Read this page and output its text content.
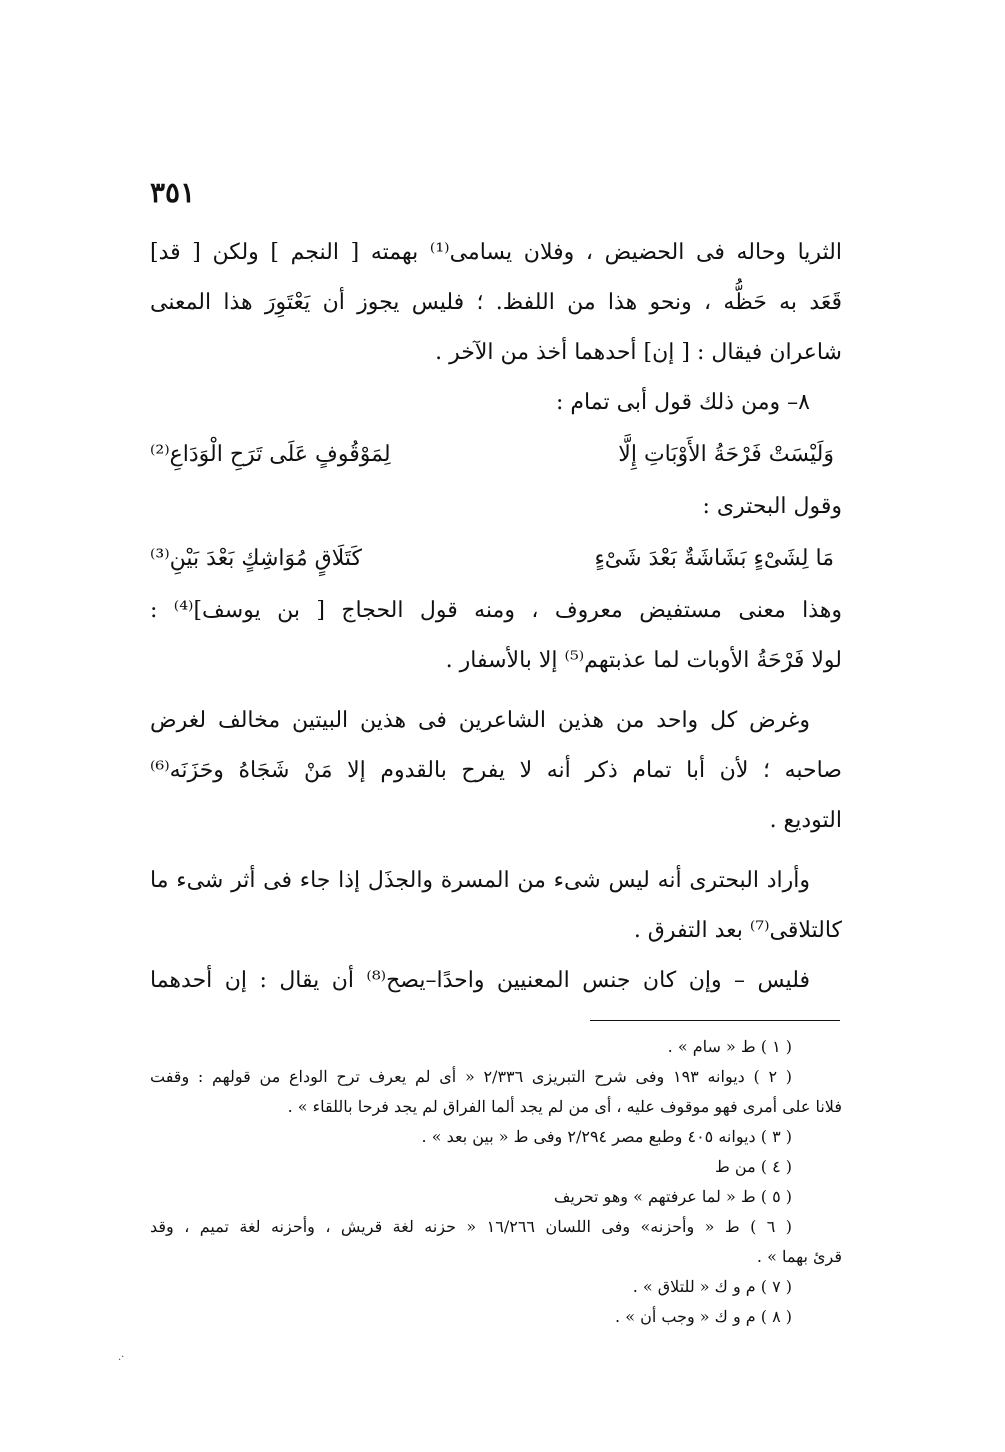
٣٥١
الثريا وحاله فى الحضيض ، وفلان يسامى⁽¹⁾ بهمته [ النجم ] ولكن [ قد]
قَعَد به حَظُّه ، ونحو هذا من اللفظ. ؛ فليس يجوز أن يَعْتَوِرَ هذا المعنى
شاعران فيقال : [ إن] أحدهما أخذ من الآخر .
٨– ومن ذلك قول أبى تمام :
وَلَيْسَتْ فَرْحَةُ الأَوْبَاتِ إِلَّا
لِمَوْقُوفٍ عَلَى تَرَحِ الْوَدَاعِ⁽²⁾
وقول البحترى :
مَا لِشَىْءٍ بَشَاشَةٌ بَعْدَ شَىْءٍ
كَتَلَاقٍ مُوَاشِكٍ بَعْدَ بَيْنِ⁽³⁾
وهذا معنى مستفيض معروف ، ومنه قول الحجاج [ بن يوسف]⁽⁴⁾ :
لولا فَرْحَةُ الأوبات لما عذبتهم⁽⁵⁾ إلا بالأسفار .
وغرض كل واحد من هذين الشاعرين فى هذين البيتين مخالف لغرض
صاحبه ؛ لأن أبا تمام ذكر أنه لا يفرح بالقدوم إلا مَنْ شَجَاهُ وحَزَنَه⁽⁶⁾
التوديع .
وأراد البحترى أنه ليس شىء من المسرة والجذَل إذا جاء فى أثر شىء ما
كالتلاقى⁽⁷⁾ بعد التفرق .
فليس – وإن كان جنس المعنيين واحدًا–يصح⁽⁸⁾ أن يقال : إن أحدهما
( ١ ) ط « سام » .
( ٢ ) ديوانه ١٩٣ وفى شرح التبريزى ٢/٣٣٦ « أى لم يعرف ترح الوداع من قولهم : وقفت
فلانا على أمرى فهو موقوف عليه ، أى من لم يجد ألما الفراق لم يجد فرحا باللقاء » .
( ٣ ) ديوانه ٤٠٥ وطبع مصر ٢/٢٩٤ وفى ط « بين بعد » .
( ٤ ) من ط
( ٥ ) ط « لما عرفتهم » وهو تحريف
( ٦ ) ط « وأحزنه» وفى اللسان ١٦/٢٦٦ « حزنه لغة قريش ، وأحزنه لغة تميم ، وقد
قرئ بهما » .
( ٧ ) م و ك « للتلاق » .
( ٨ ) م و ك « وجب أن » .
·.
